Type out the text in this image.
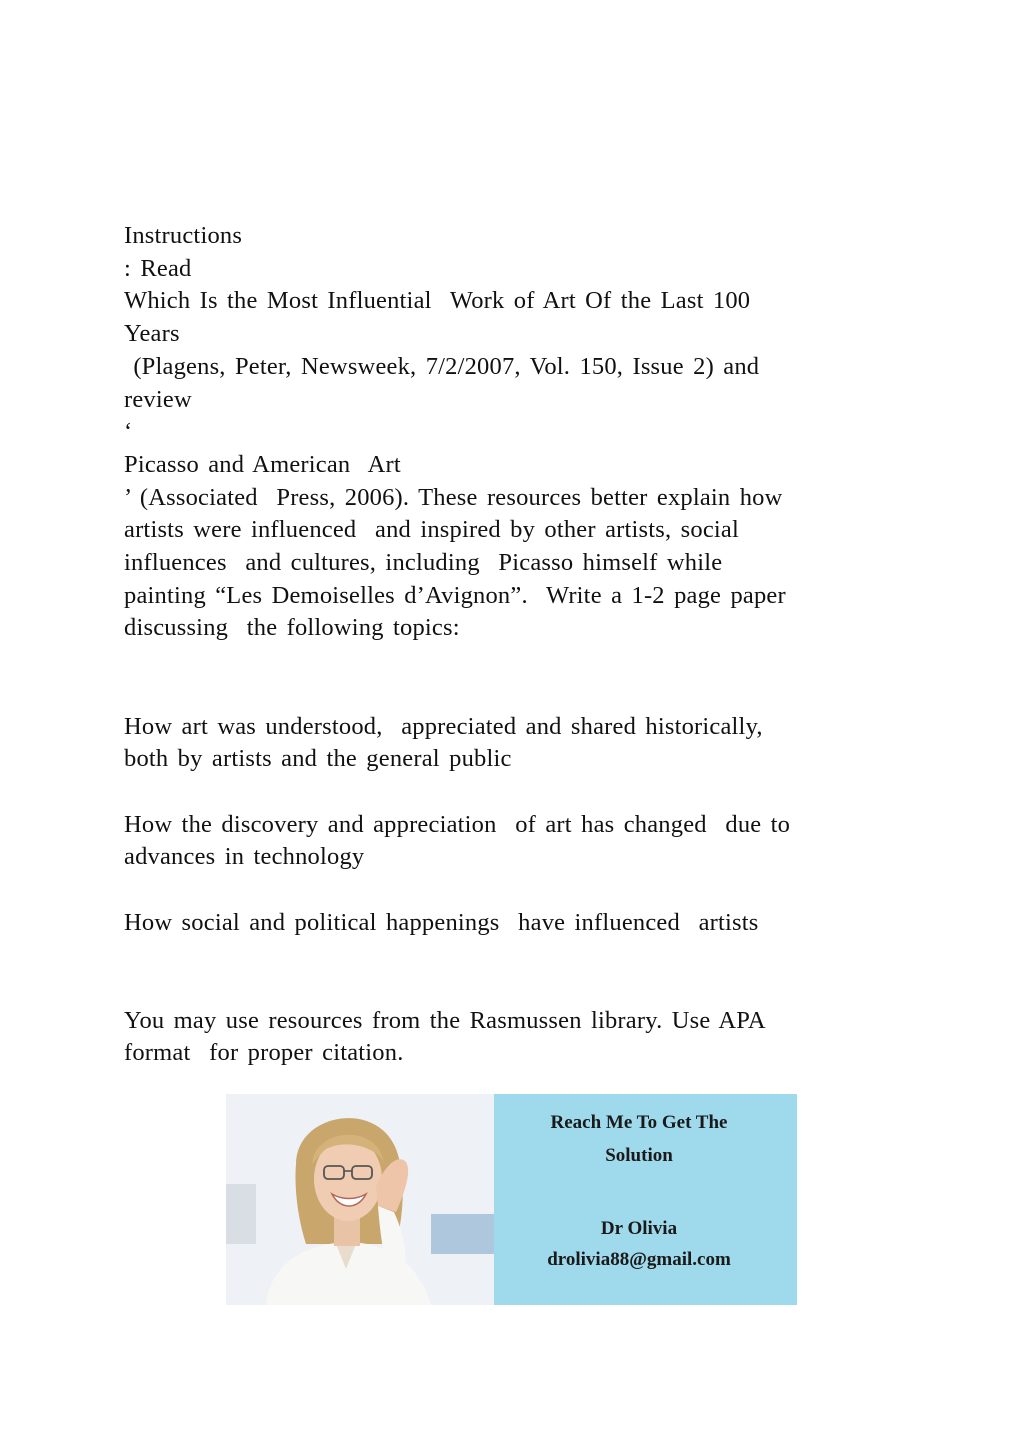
Instructions
: Read
Which Is the Most Influential  Work of Art Of the Last 100
Years
(Plagens, Peter, Newsweek, 7/2/2007, Vol. 150, Issue 2) and
review
‘
Picasso and American  Art
’ (Associated  Press, 2006). These resources better explain how
artists were influenced  and inspired by other artists, social
influences  and cultures, including  Picasso himself while
painting “Les Demoiselles d’Avignon”.  Write a 1-2 page paper
discussing  the following topics:
How art was understood,  appreciated and shared historically,
both by artists and the general public
How the discovery and appreciation  of art has changed  due to
advances in technology
How social and political happenings  have influenced  artists
You may use resources from the Rasmussen library. Use APA
format  for proper citation.
Reach Me To Get The
Solution
Dr Olivia
drolivia88@gmail.com
